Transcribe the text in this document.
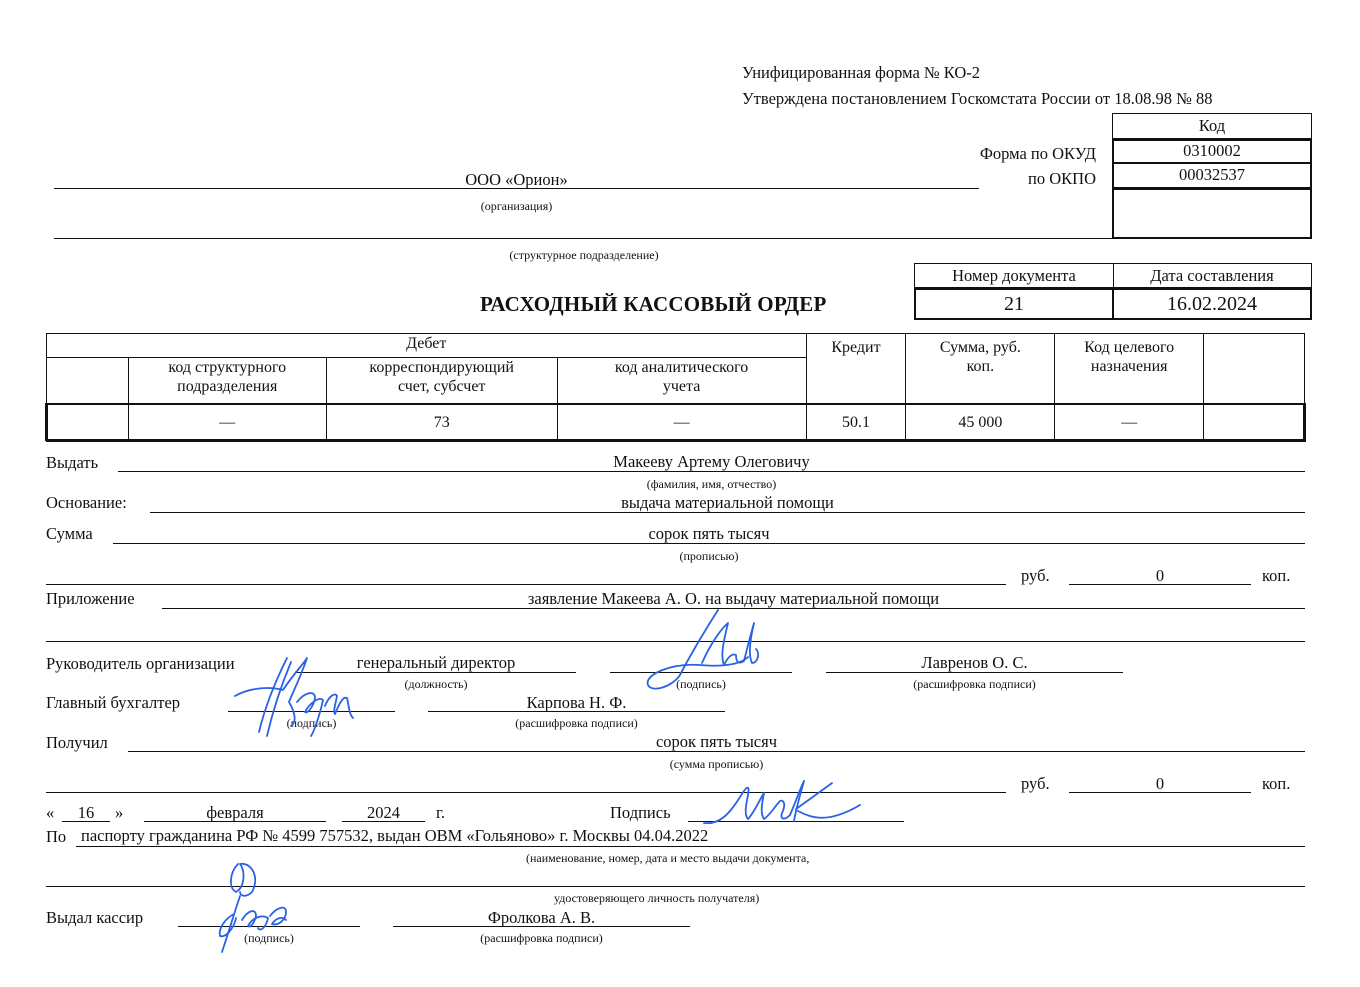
Унифицированная форма № КО-2
Утверждена постановлением Госкомстата России от 18.08.98 № 88
Код
0310002
00032537
Форма по ОКУД
по ОКПО
ООО «Орион»
(организация)
(структурное подразделение)
Номер документа	Дата составления
21	16.02.2024
РАСХОДНЫЙ КАССОВЫЙ ОРДЕР
Дебет				Кредит	Сумма, руб. коп.	Код целевого назначения	
	код структурного подразделения	корреспондирующий счет, субсчет	код аналитического учета				
	—	73	—	50.1	45 000	—	
Выдать	Макееву Артему Олеговичу
(фамилия, имя, отчество)
Основание:	выдача материальной помощи
Сумма	сорок пять тысяч
(прописью)
руб.	0	коп.
Приложение	заявление Макеева А. О. на выдачу материальной помощи
Руководитель организации	генеральный директор
(должность)	(подпись)
Лавренов О. С.
(расшифровка подписи)
Главный бухгалтер
(подпись)
Карпова Н. Ф.
(расшифровка подписи)
Получил	сорок пять тысяч
(сумма прописью)
руб.	0	коп.
«	16	»	февраля	2024	г.	Подпись
По паспорту гражданина РФ № 4599 757532, выдан ОВМ «Гольяново» г. Москвы 04.04.2022
(наименование, номер, дата и место выдачи документа,
удостоверяющего личность получателя)
Выдал кассир
(подпись)
Фролкова А. В.
(расшифровка подписи)
